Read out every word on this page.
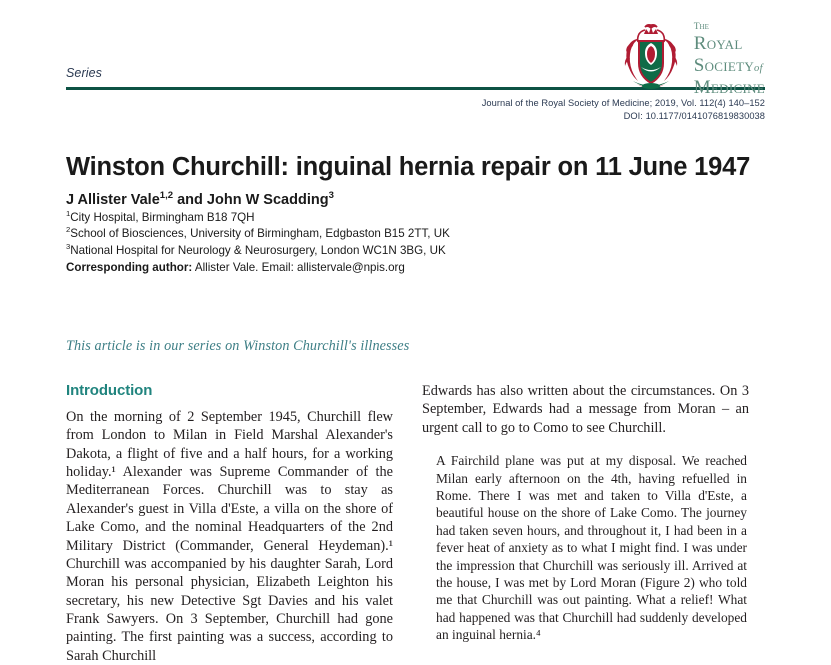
Series
The
Royal
Societyof
Medicine
Journal of the Royal Society of Medicine; 2019, Vol. 112(4) 140–152
DOI: 10.1177/0141076819830038
Winston Churchill: inguinal hernia repair on 11 June 1947
J Allister Vale$^{1,2}$ and John W Scadding$^3$
$^1$City Hospital, Birmingham B18 7QH
$^2$School of Biosciences, University of Birmingham, Edgbaston B15 2TT, UK
$^3$National Hospital for Neurology & Neurosurgery, London WC1N 3BG, UK
Corresponding author: Allister Vale. Email: allistervale@npis.org
This article is in our series on Winston Churchill's illnesses
Introduction

On the morning of 2 September 1945, Churchill flew from London to Milan in Field Marshal Alexander's Dakota, a flight of five and a half hours, for a working holiday.¹ Alexander was Supreme Commander of the Mediterranean Forces. Churchill was to stay as Alexander's guest in Villa d'Este, a villa on the shore of Lake Como, and the nominal Headquarters of the 2nd Military District (Commander, General Heydeman).¹ Churchill was accompanied by his daughter Sarah, Lord Moran his personal physician, Elizabeth Leighton his secretary, his new Detective Sgt Davies and his valet Frank Sawyers. On 3 September, Churchill had gone painting. The first painting was a success, according to Sarah Churchill

Edwards has also written about the circumstances. On 3 September, Edwards had a message from Moran – an urgent call to go to Como to see Churchill.

A Fairchild plane was put at my disposal. We reached Milan early afternoon on the 4th, having refuelled in Rome. There I was met and taken to Villa d'Este, a beautiful house on the shore of Lake Como. The journey had taken seven hours, and throughout it, I had been in a fever heat of anxiety as to what I might find. I was under the impression that Churchill was seriously ill. Arrived at the house, I was met by Lord Moran (Figure 2) who told me that Churchill was out painting. What a relief! What had happened was that Churchill had suddenly developed an inguinal hernia.⁴
